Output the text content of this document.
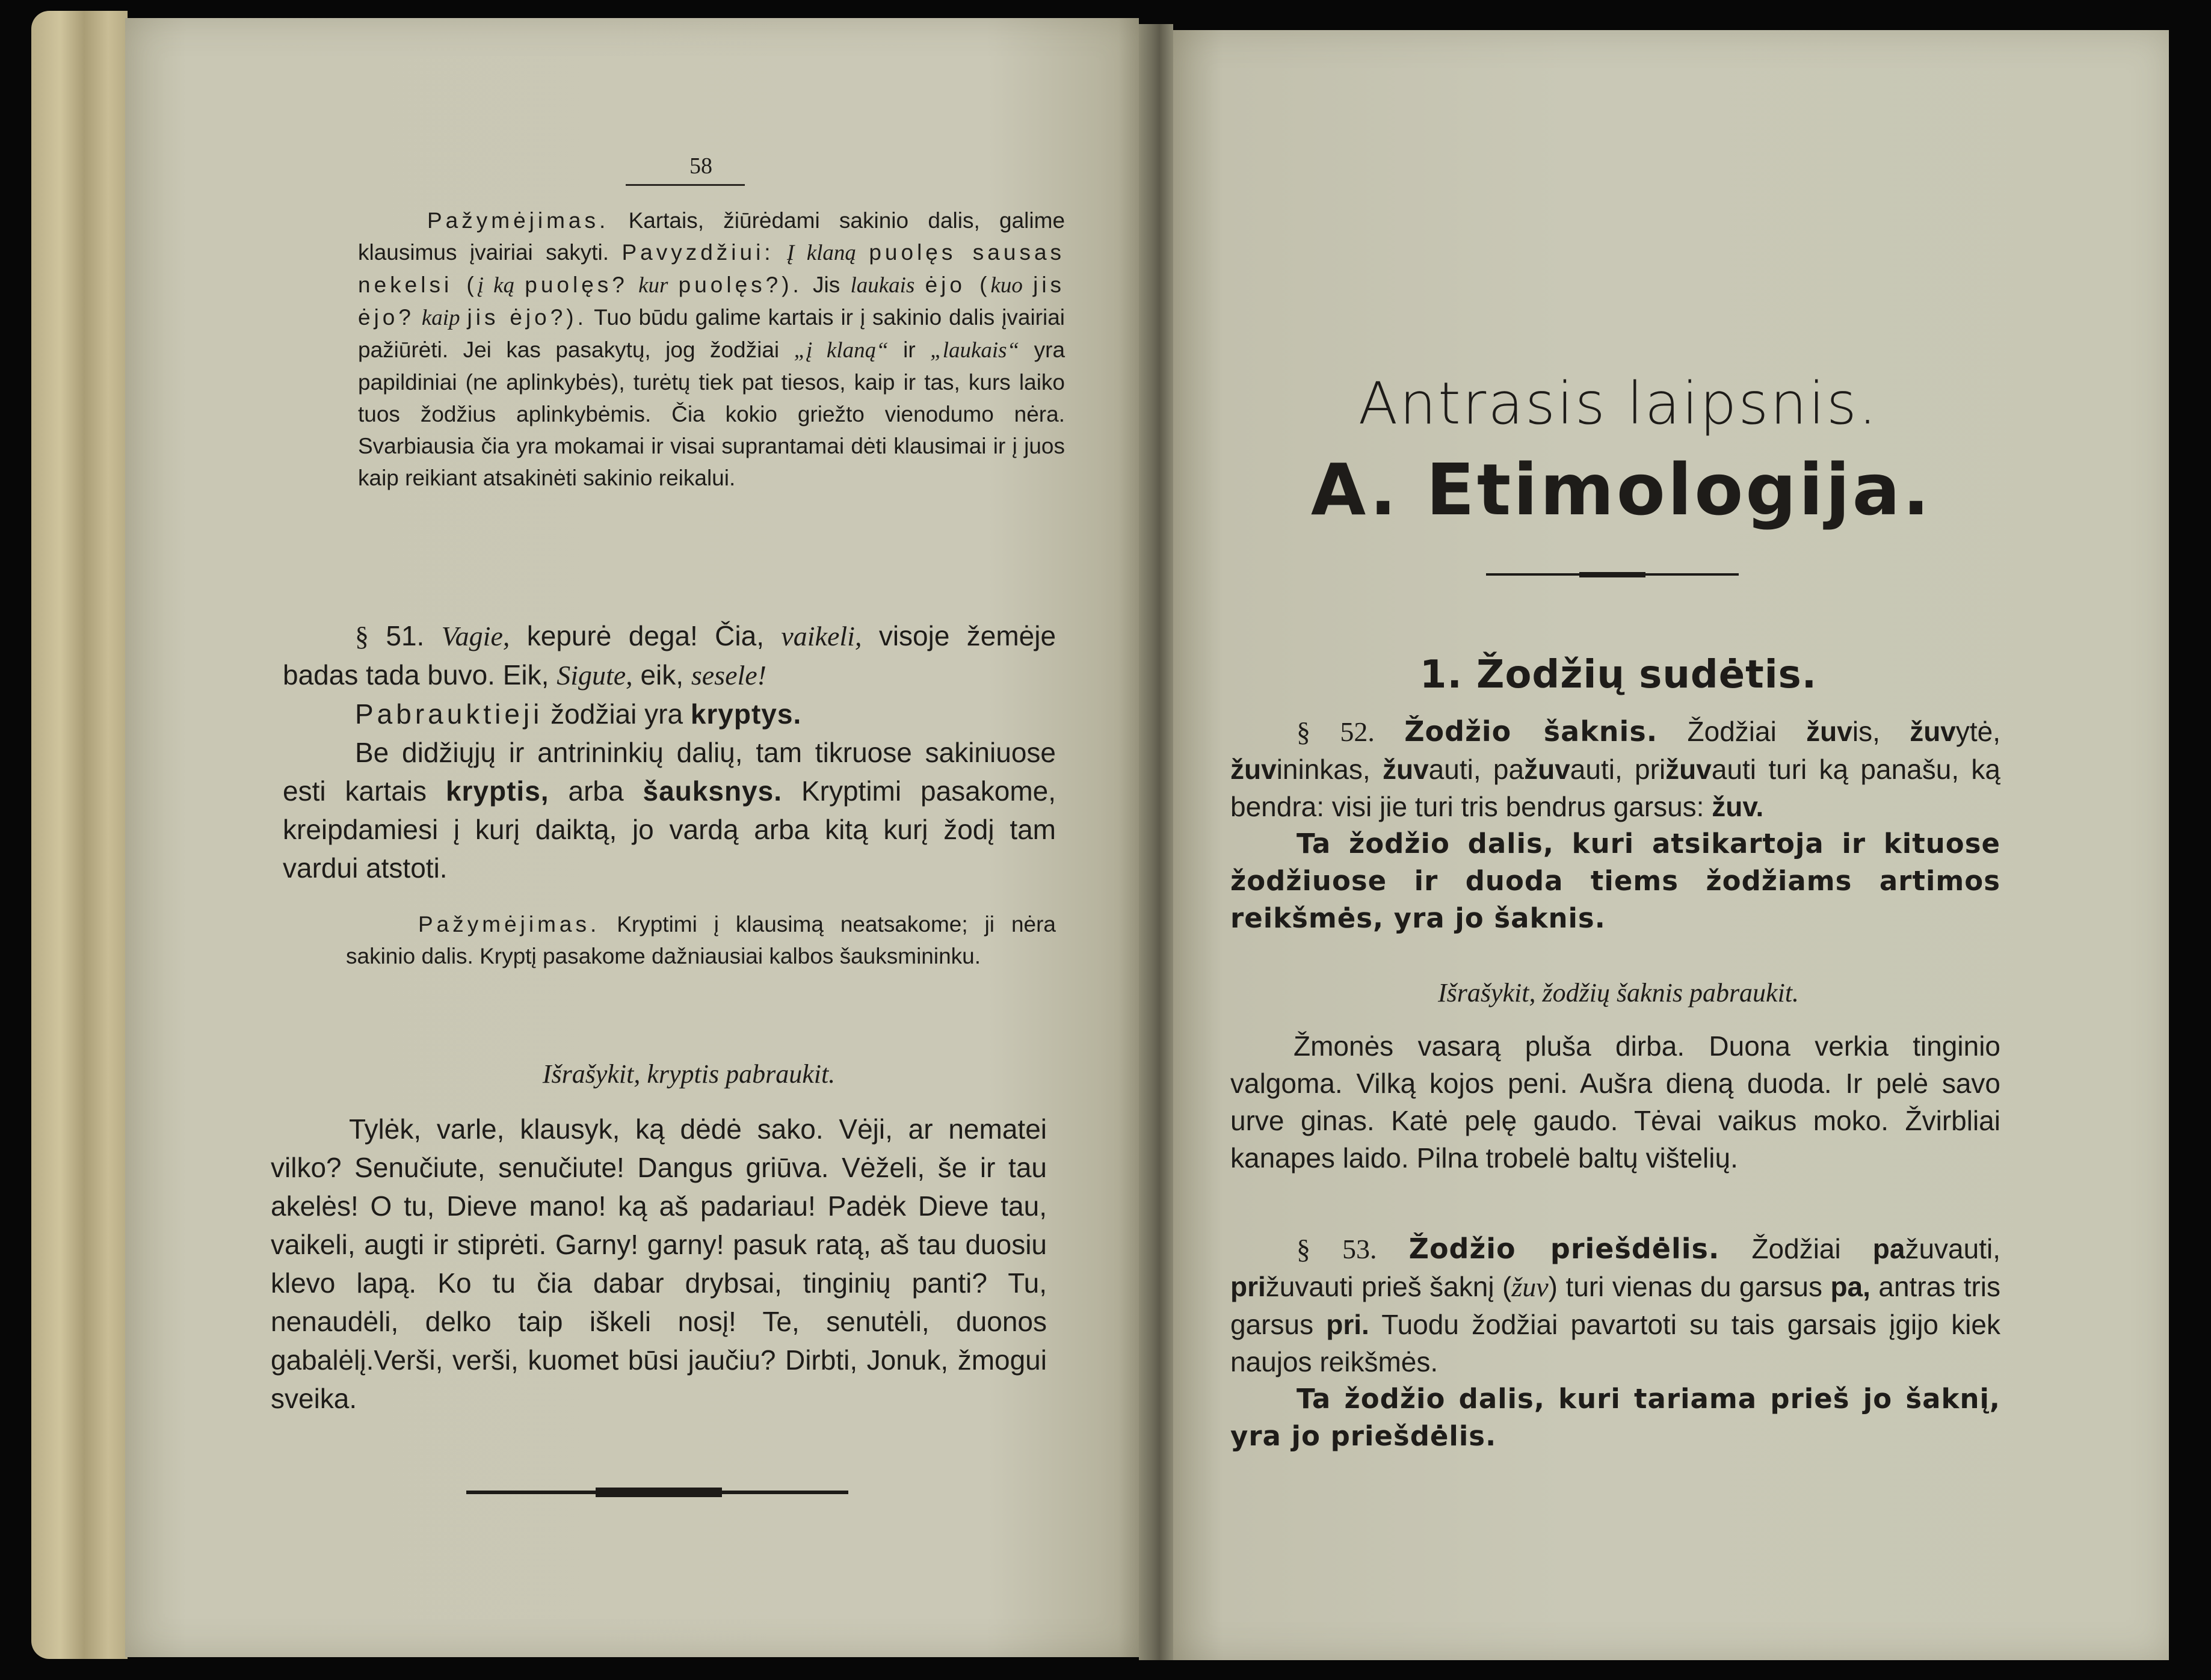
58
Pažymėjimas. Kartais, žiūrėdami sakinio dalis, galime klausimus įvairiai sakyti. Pavyzdžiui: Į klaną puolęs sausas nekelsi (į ką puolęs? kur puolęs?). Jis laukais ėjo (kuo jis ėjo? kaip jis ėjo?). Tuo būdu galime kartais ir į sakinio dalis įvairiai pažiūrėti. Jei kas pasakytų, jog žodžiai „į klaną“ ir „laukais“ yra papildiniai (ne aplinkybės), turėtų tiek pat tiesos, kaip ir tas, kurs laiko tuos žodžius aplinkybėmis. Čia kokio griežto vienodumo nėra. Svarbiausia čia yra mokamai ir visai suprantamai dėti klausimai ir į juos kaip reikiant atsakinėti sakinio reikalui.
§ 51. Vagie, kepurė dega! Čia, vaikeli, visoje žemėje badas tada buvo. Eik, Sigute, eik, sesele!
Pabrauktieji žodžiai yra kryptys.
Be didžiųjų ir antrininkių dalių, tam tikruose sakiniuose esti kartais kryptis, arba šauksnys. Kryptimi pasakome, kreipdamiesi į kurį daiktą, jo vardą arba kitą kurį žodį tam vardui atstoti.
Pažymėjimas. Kryptimi į klausimą neatsakome; ji nėra sakinio dalis. Kryptį pasakome dažniausiai kalbos šauksmininku.
Išrašykit, kryptis pabraukit.
Tylėk, varle, klausyk, ką dėdė sako. Vėji, ar nematei vilko? Senučiute, senučiute! Dangus griūva. Vėželi, še ir tau akelės! O tu, Dieve mano! ką aš padariau! Padėk Dieve tau, vaikeli, augti ir stiprėti. Garny! garny! pasuk ratą, aš tau duosiu klevo lapą. Ko tu čia dabar drybsai, tinginių panti? Tu, nenaudėli, delko taip iškeli nosį! Te, senutėli, duonos gabalėlį.Verši, verši, kuomet būsi jaučiu? Dirbti, Jonuk, žmogui sveika.
Antrasis laipsnis.
A. Etimologija.
1. Žodžių sudėtis.
§ 52. Žodžio šaknis. Žodžiai žuvis, žuvytė, žuvininkas, žuvauti, pažuvauti, prižuvauti turi ką panašu, ką bendra: visi jie turi tris bendrus garsus: žuv.
Ta žodžio dalis, kuri atsikartoja ir kituose žodžiuose ir duoda tiems žodžiams artimos reikšmės, yra jo šaknis.
Išrašykit, žodžių šaknis pabraukit.
Žmonės vasarą pluša dirba. Duona verkia tinginio valgoma. Vilką kojos peni. Aušra dieną duoda. Ir pelė savo urve ginas. Katė pelę gaudo. Tėvai vaikus moko. Žvirbliai kanapes laido. Pilna trobelė baltų vištelių.
§ 53. Žodžio priešdėlis. Žodžiai pažuvauti, prižuvauti prieš šaknį (žuv) turi vienas du garsus pa, antras tris garsus pri. Tuodu žodžiai pavartoti su tais garsais įgijo kiek naujos reikšmės.
Ta žodžio dalis, kuri tariama prieš jo šaknį, yra jo priešdėlis.
